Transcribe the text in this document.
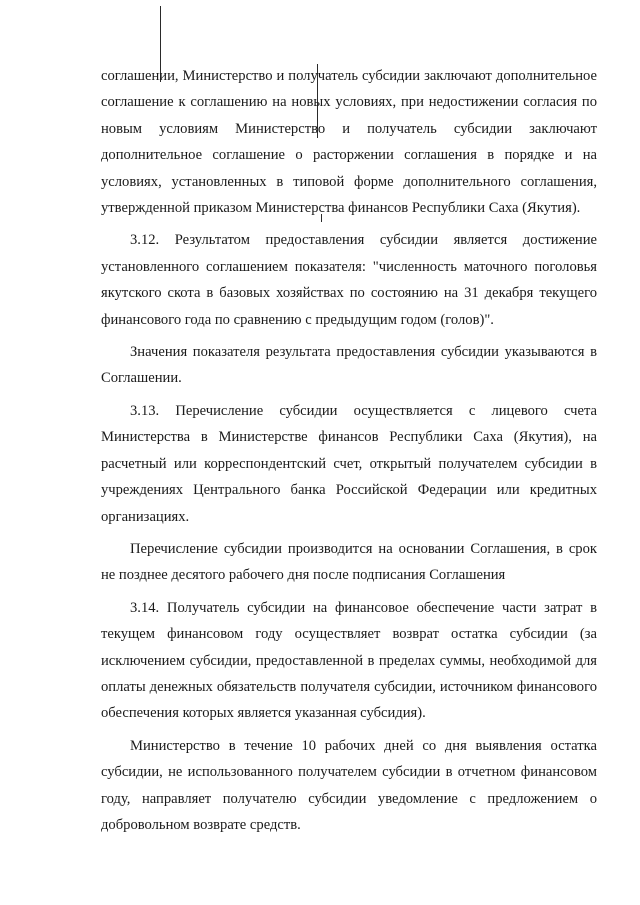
соглашении, Министерство и получатель субсидии заключают дополнительное соглашение к соглашению на новых условиях, при недостижении согласия по новым условиям Министерство и получатель субсидии заключают дополнительное соглашение о расторжении соглашения в порядке и на условиях, установленных в типовой форме дополнительного соглашения, утвержденной приказом Министерства финансов Республики Саха (Якутия).

3.12. Результатом предоставления субсидии является достижение установленного соглашением показателя: "численность маточного поголовья якутского скота в базовых хозяйствах по состоянию на 31 декабря текущего финансового года по сравнению с предыдущим годом (голов)".

Значения показателя результата предоставления субсидии указываются в Соглашении.

3.13. Перечисление субсидии осуществляется с лицевого счета Министерства в Министерстве финансов Республики Саха (Якутия), на расчетный или корреспондентский счет, открытый получателем субсидии в учреждениях Центрального банка Российской Федерации или кредитных организациях.

Перечисление субсидии производится на основании Соглашения, в срок не позднее десятого рабочего дня после подписания Соглашения

3.14. Получатель субсидии на финансовое обеспечение части затрат в текущем финансовом году осуществляет возврат остатка субсидии (за исключением субсидии, предоставленной в пределах суммы, необходимой для оплаты денежных обязательств получателя субсидии, источником финансового обеспечения которых является указанная субсидия).

Министерство в течение 10 рабочих дней со дня выявления остатка субсидии, не использованного получателем субсидии в отчетном финансовом году, направляет получателю субсидии уведомление с предложением о добровольном возврате средств.
